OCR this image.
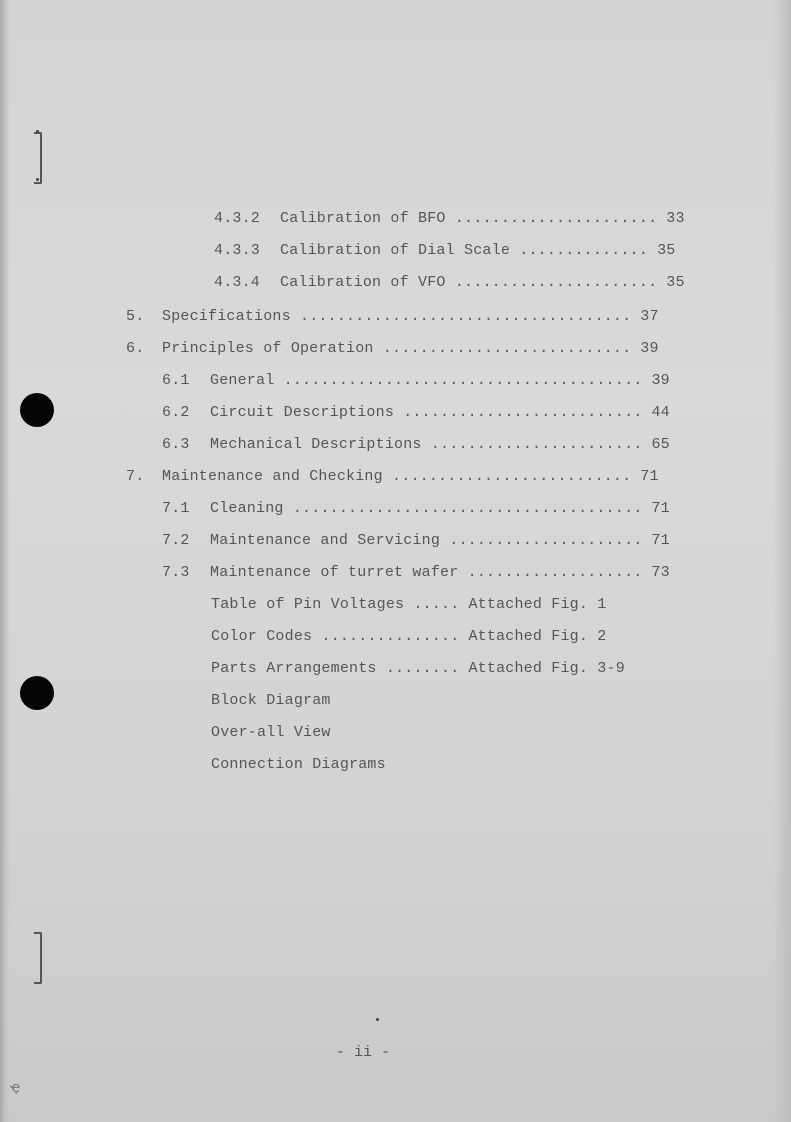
4.3.2 Calibration of BFO ...................... 33
4.3.3 Calibration of Dial Scale .............. 35
4.3.4 Calibration of VFO ...................... 35
5. Specifications .................................... 37
6. Principles of Operation ........................... 39
6.1 General ....................................... 39
6.2 Circuit Descriptions .......................... 44
6.3 Mechanical Descriptions ....................... 65
7. Maintenance and Checking .......................... 71
7.1 Cleaning ...................................... 71
7.2 Maintenance and Servicing ..................... 71
7.3 Maintenance of turret wafer ................... 73
Table of Pin Voltages ..... Attached Fig. 1
Color Codes ............... Attached Fig. 2
Parts Arrangements ........ Attached Fig. 3-9
Block Diagram
Over-all View
Connection Diagrams
- ii -
ҿ
